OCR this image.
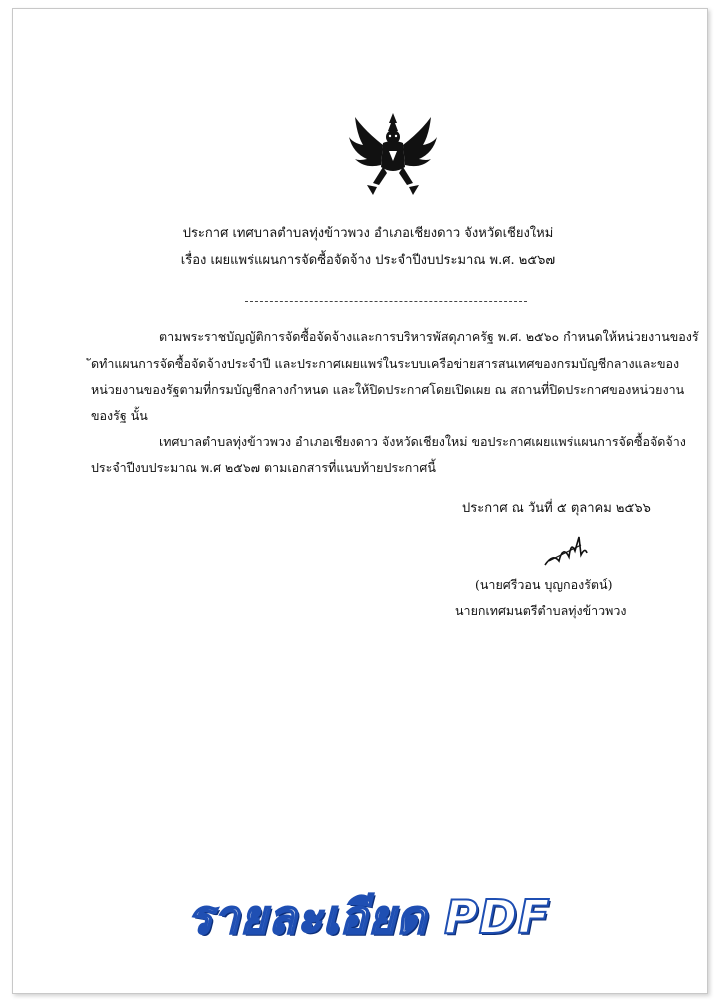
ประกาศ เทศบาลตำบลทุ่งข้าวพวง อำเภอเชียงดาว จังหวัดเชียงใหม่
เรื่อง เผยแพร่แผนการจัดซื้อจัดจ้าง ประจำปีงบประมาณ พ.ศ. ๒๕๖๗
ตามพระราชบัญญัติการจัดซื้อจัดจ้างและการบริหารพัสดุภาครัฐ พ.ศ. ๒๕๖๐ กำหนดให้หน่วยงานของรั
ัดทำแผนการจัดซื้อจัดจ้างประจำปี และประกาศเผยแพร่ในระบบเครือข่ายสารสนเทศของกรมบัญชีกลางและของ
หน่วยงานของรัฐตามที่กรมบัญชีกลางกำหนด และให้ปิดประกาศโดยเปิดเผย ณ สถานที่ปิดประกาศของหน่วยงาน
ของรัฐ นั้น
เทศบาลตำบลทุ่งข้าวพวง อำเภอเชียงดาว จังหวัดเชียงใหม่ ขอประกาศเผยแพร่แผนการจัดซื้อจัดจ้าง
ประจำปีงบประมาณ พ.ศ ๒๕๖๗ ตามเอกสารที่แนบท้ายประกาศนี้
ประกาศ ณ วันที่ ๕ ตุลาคม ๒๕๖๖
(นายศรีวอน บุญกองรัตน์)
นายกเทศมนตรีตำบลทุ่งข้าวพวง
รายละเอียด PDF
